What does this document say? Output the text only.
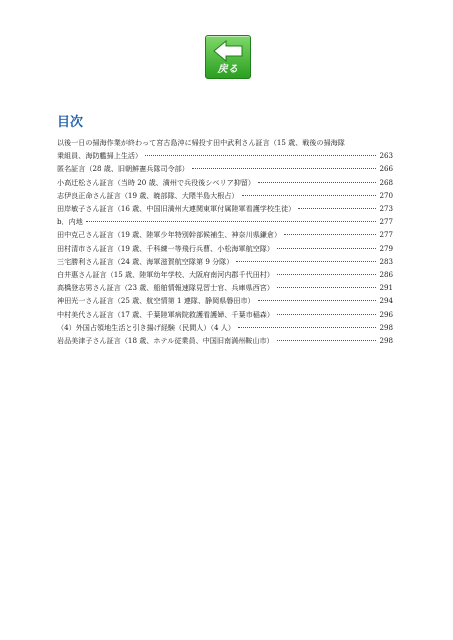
戻る
目次
以後一日の掃海作業が終わって宮古島沖に帰投す田中武利さん証言（15 歳、戦後の掃海隊
乗組員、海防艦掃上生活）	263
匿名証言（28 歳、旧朝鮮憲兵隊司令部）	266
小高迁松さん証言（当時 20 歳、満州で兵役後シベリア抑留）	268
志伊良正命さん証言（19 歳、暁部隊、大隈半島大根占）	270
田岸敏子さん証言（16 歳、中国旧満州大連関東軍付属陸軍看護学校生徒）	273
b．内地	277
田中克己さん証言（19 歳、陸軍少年特別幹部候補生、神奈川県鎌倉）	277
田村清市さん証言（19 歳、千科練一等飛行兵曹、小松海軍航空隊）	279
三宅勝利さん証言（24 歳、海軍滋賀航空隊第 9 分隊）	283
白井惠さん証言（15 歳、陸軍幼年学校、大阪府南河内郡千代田村）	286
高橋登志男さん証言（23 歳、船舶情報速隊見習士官、兵庫県西宮）	291
神田光一さん証言（25 歳、航空情第 1 連隊、静岡県磐田市）	294
中村美代さん証言（17 歳、千葉陸軍病院救護看護婦、千葉市稲森）	296
（4）外国占領地生活と引き揚げ経験（民間人）（4 人）	298
岩品美津子さん証言（18 歳、ホテル従業員、中国旧南満州鞍山市）	298
